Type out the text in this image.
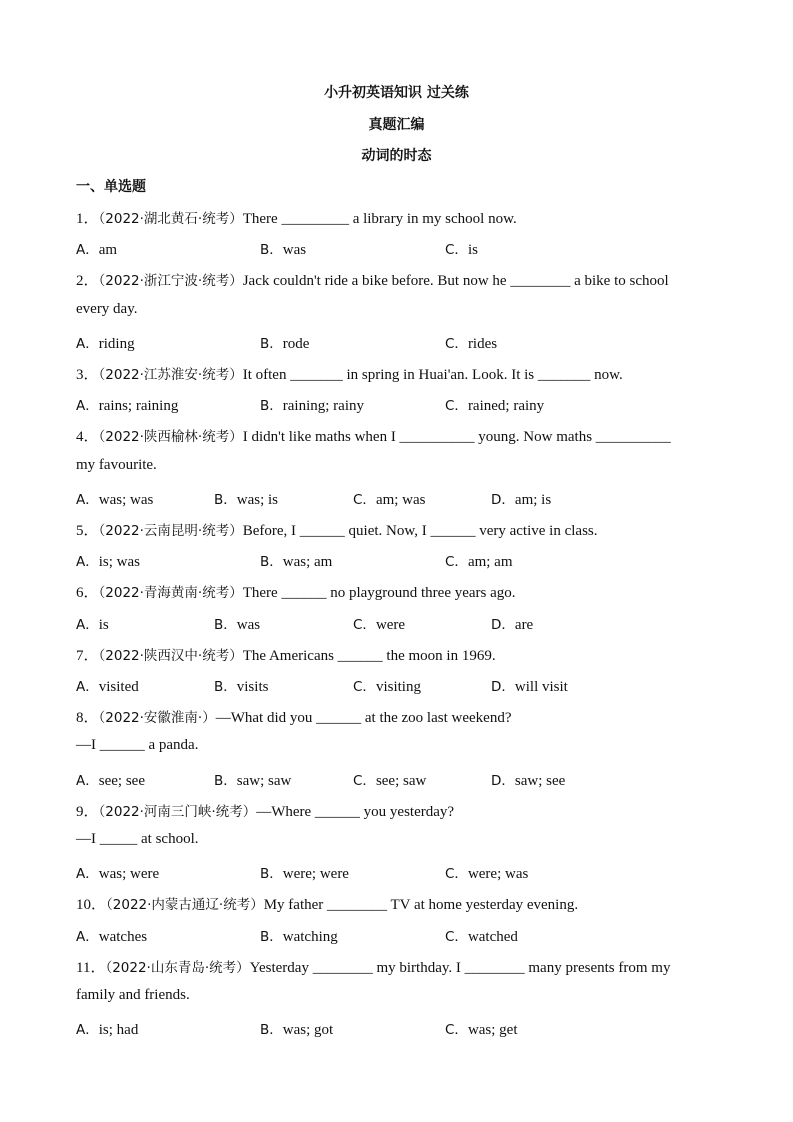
小升初英语知识 过关练
真题汇编
动词的时态
一、单选题
1．（2022·湖北黄石·统考）There _________ a library in my school now.
A．am	B．was	C．is
2．（2022·浙江宁波·统考）Jack couldn't ride a bike before. But now he ________ a bike to school
every day.
A．riding	B．rode	C．rides
3．（2022·江苏淮安·统考）It often _______ in spring in Huai'an. Look. It is _______ now.
A．rains; raining	B．raining; rainy	C．rained; rainy
4．（2022·陕西榆林·统考）I didn't like maths when I __________ young. Now maths __________
my favourite.
A．was; was	B．was; is	C．am; was	D．am; is
5．（2022·云南昆明·统考）Before, I ______ quiet. Now, I ______ very active in class.
A．is; was	B．was; am	C．am; am
6．（2022·青海黄南·统考）There ______ no playground three years ago.
A．is	B．was	C．were	D．are
7．（2022·陕西汉中·统考）The Americans ______ the moon in 1969.
A．visited	B．visits	C．visiting	D．will visit
8．（2022·安徽淮南·）—What did you ______ at the zoo last weekend?
—I ______ a panda.
A．see; see	B．saw; saw	C．see; saw	D．saw; see
9．（2022·河南三门峡·统考）—Where ______ you yesterday?
—I _____ at school.
A．was; were	B．were; were	C．were; was
10．（2022·内蒙古通辽·统考）My father ________ TV at home yesterday evening.
A．watches	B．watching	C．watched
11．（2022·山东青岛·统考）Yesterday ________ my birthday. I ________ many presents from my
family and friends.
A．is; had	B．was; got	C．was; get
